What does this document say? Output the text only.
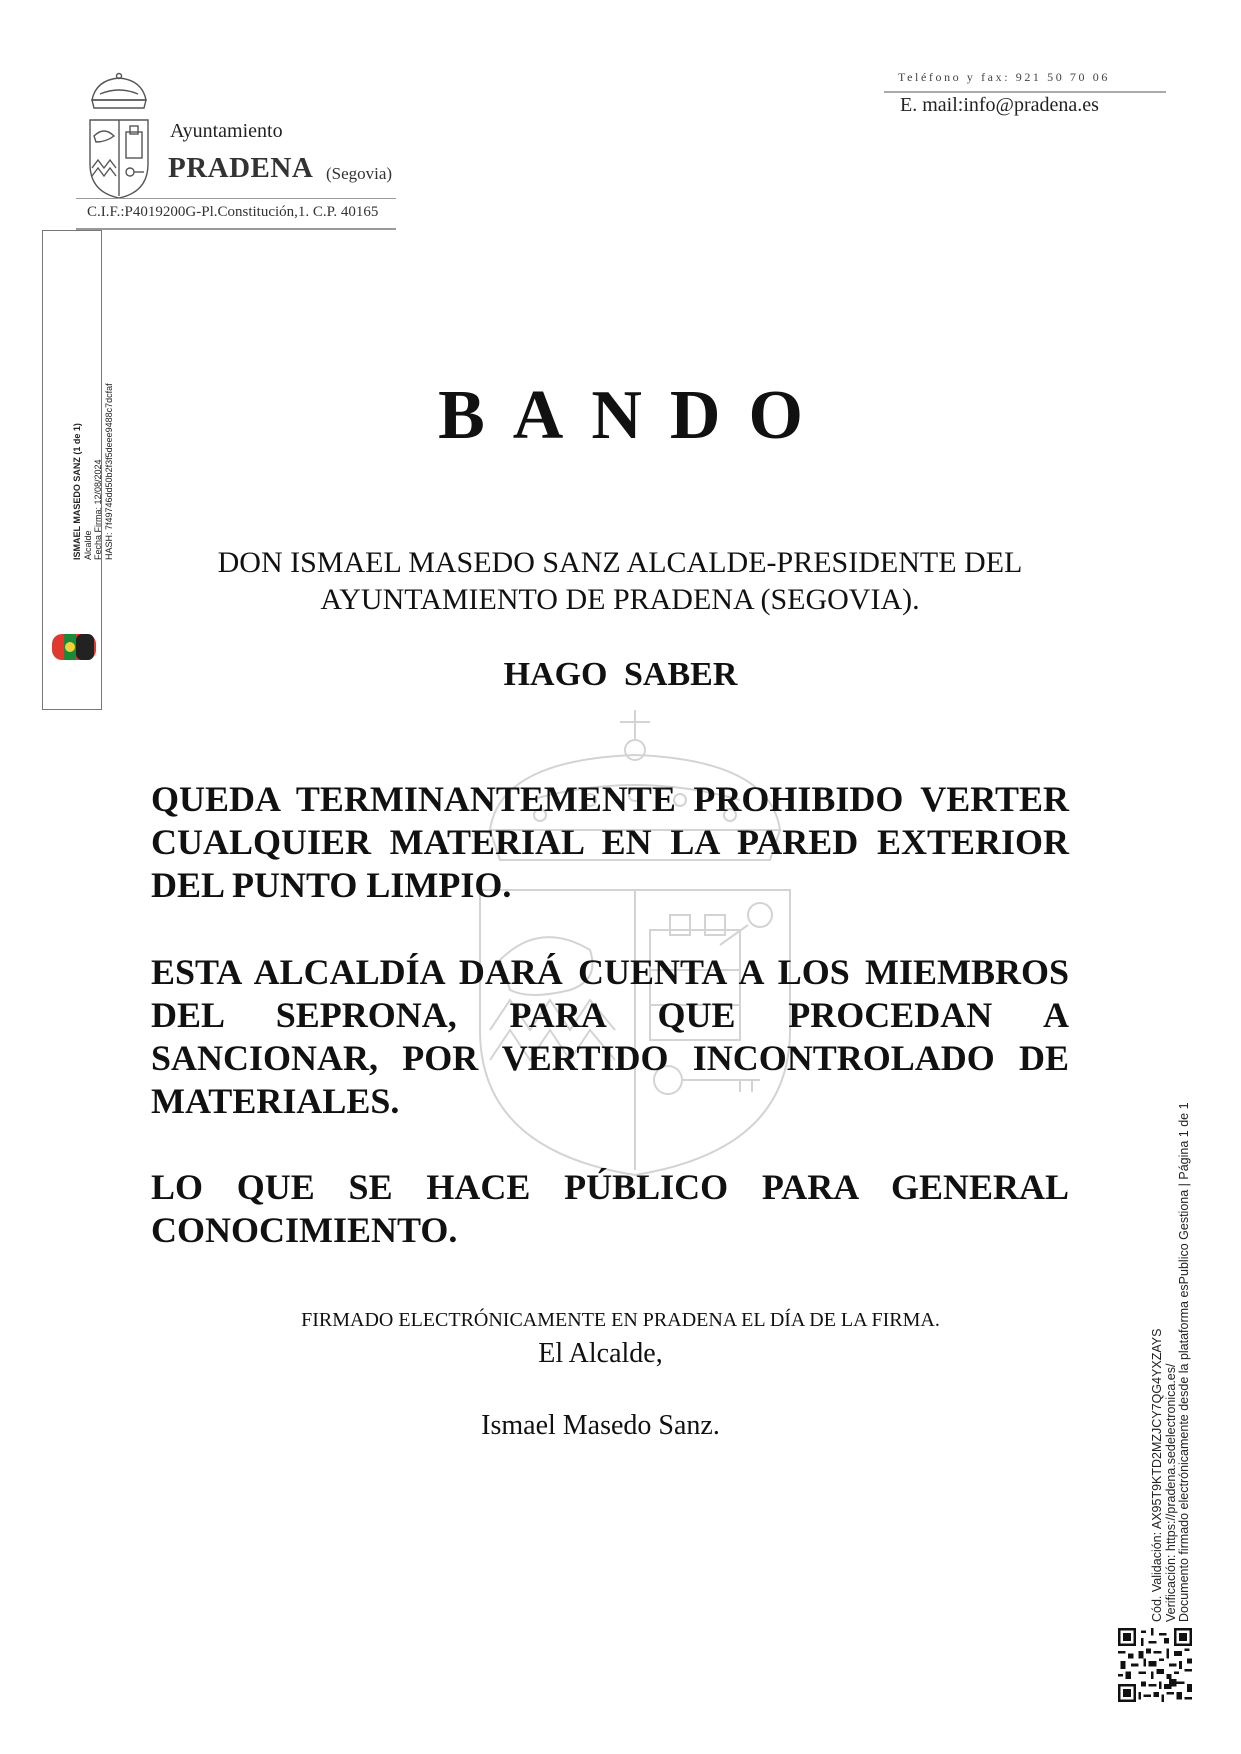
Ayuntamiento
PRADENA (Segovia)
C.I.F.:P4019200G-Pl.Constitución,1. C.P. 40165
Teléfono y fax: 921 50 70 06
E. mail:info@pradena.es
ISMAEL MASEDO SANZ (1 de 1) Alcalde Fecha Firma: 12/08/2024 HASH: 7f49746dd50b2f3f5deee9488c7dcfaf	BANDO
DON ISMAEL MASEDO SANZ ALCALDE-PRESIDENTE DEL AYUNTAMIENTO DE PRADENA (SEGOVIA).
HAGO SABER
QUEDA TERMINANTEMENTE PROHIBIDO VERTER CUALQUIER MATERIAL EN LA PARED EXTERIOR DEL PUNTO LIMPIO.
ESTA ALCALDÍA DARÁ CUENTA A LOS MIEMBROS DEL SEPRONA, PARA QUE PROCEDAN A SANCIONAR, POR VERTIDO INCONTROLADO DE MATERIALES.
LO QUE SE HACE PÚBLICO PARA GENERAL CONOCIMIENTO.
FIRMADO ELECTRÓNICAMENTE EN PRADENA EL DÍA DE LA FIRMA.
El Alcalde,
Ismael Masedo Sanz.	Cód. Validación: AX95T9KTD2MZJCY7QG4YXZAYS Verificación: https://pradena.sedelectronica.es/ Documento firmado electrónicamente desde la plataforma esPublico Gestiona | Página 1 de 1
